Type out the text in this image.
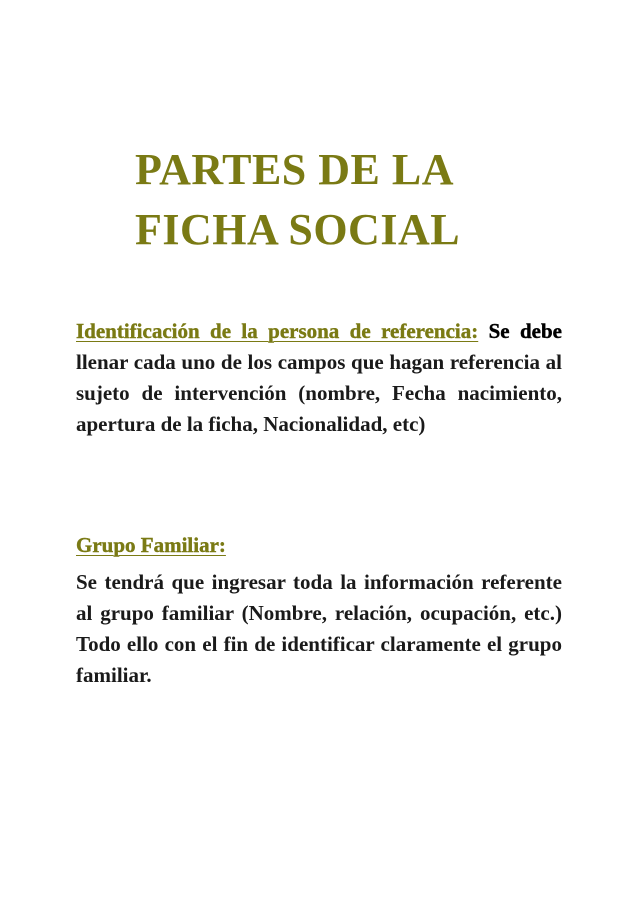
PARTES DE LA
FICHA SOCIAL

Identificación de la persona de referencia: Se debe llenar cada uno de los campos que hagan referencia al sujeto de intervención (nombre, Fecha nacimiento, apertura de la ficha, Nacionalidad, etc)

Grupo Familiar:

Se tendrá que ingresar toda la información referente al grupo familiar (Nombre, relación, ocupación, etc.) Todo ello con el fin de identificar claramente el grupo familiar.
